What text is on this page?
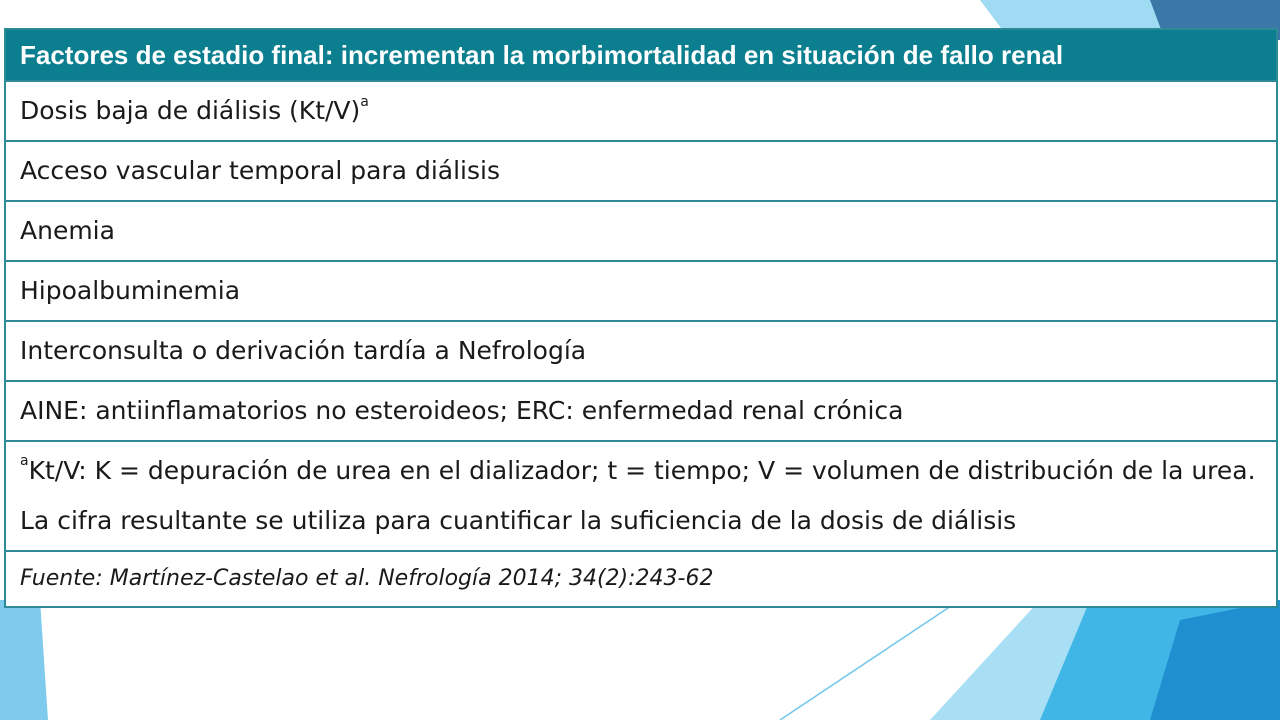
Factores de estadio final: incrementan la morbimortalidad en situación de fallo renal
Dosis baja de diálisis $(Kt/V)^a$
Acceso vascular temporal para diálisis
Anemia
Hipoalbuminemia
Interconsulta o derivación tardía a Nefrología
AINE: antiinflamatorios no esteroideos; ERC: enfermedad renal crónica
$^a$Kt/V: K = depuración de urea en el dializador; t = tiempo; V = volumen de distribución de la urea. La cifra resultante se utiliza para cuantificar la suficiencia de la dosis de diálisis
Fuente: Martínez-Castelao et al. Nefrología 2014; 34(2):243-62
